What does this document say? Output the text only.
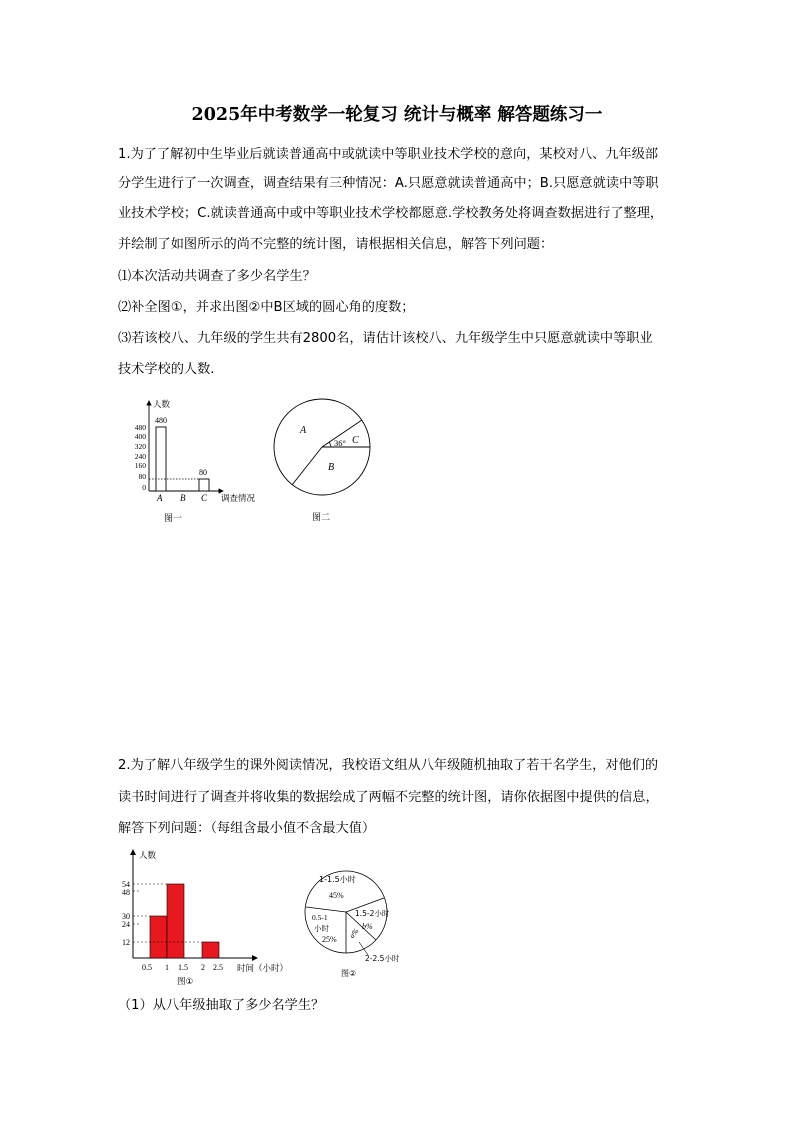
2025年中考数学一轮复习 统计与概率 解答题练习一
1.为了了解初中生毕业后就读普通高中或就读中等职业技术学校的意向，某校对八、九年级部
分学生进行了一次调查，调查结果有三种情况：A.只愿意就读普通高中；B.只愿意就读中等职
业技术学校；C.就读普通高中或中等职业技术学校都愿意.学校教务处将调查数据进行了整理，
并绘制了如图所示的尚不完整的统计图，请根据相关信息，解答下列问题：
⑴本次活动共调查了多少名学生？
⑵补全图①，并求出图②中B区域的圆心角的度数；
⑶若该校八、九年级的学生共有2800名，请估计该校八、九年级学生中只愿意就读中等职业
技术学校的人数.
人数
调查情况
480
400
320
240
160
80
0
480
80
A B C
图一
A
B
C
36°
图二
2.为了解八年级学生的课外阅读情况，我校语文组从八年级随机抽取了若干名学生，对他们的
读书时间进行了调查并将收集的数据绘成了两幅不完整的统计图，请你依据图中提供的信息，
解答下列问题：（每组含最小值不含最大值）
（1）从八年级抽取了多少名学生？
人数
时间（小时）
54
48
30
24
12
0.5 1 1.5 2 2.5
图①
1-1.5小时
45%
1.5-2小时
b%
0.5-1
小时
25% a%
2-2.5小时
图②
